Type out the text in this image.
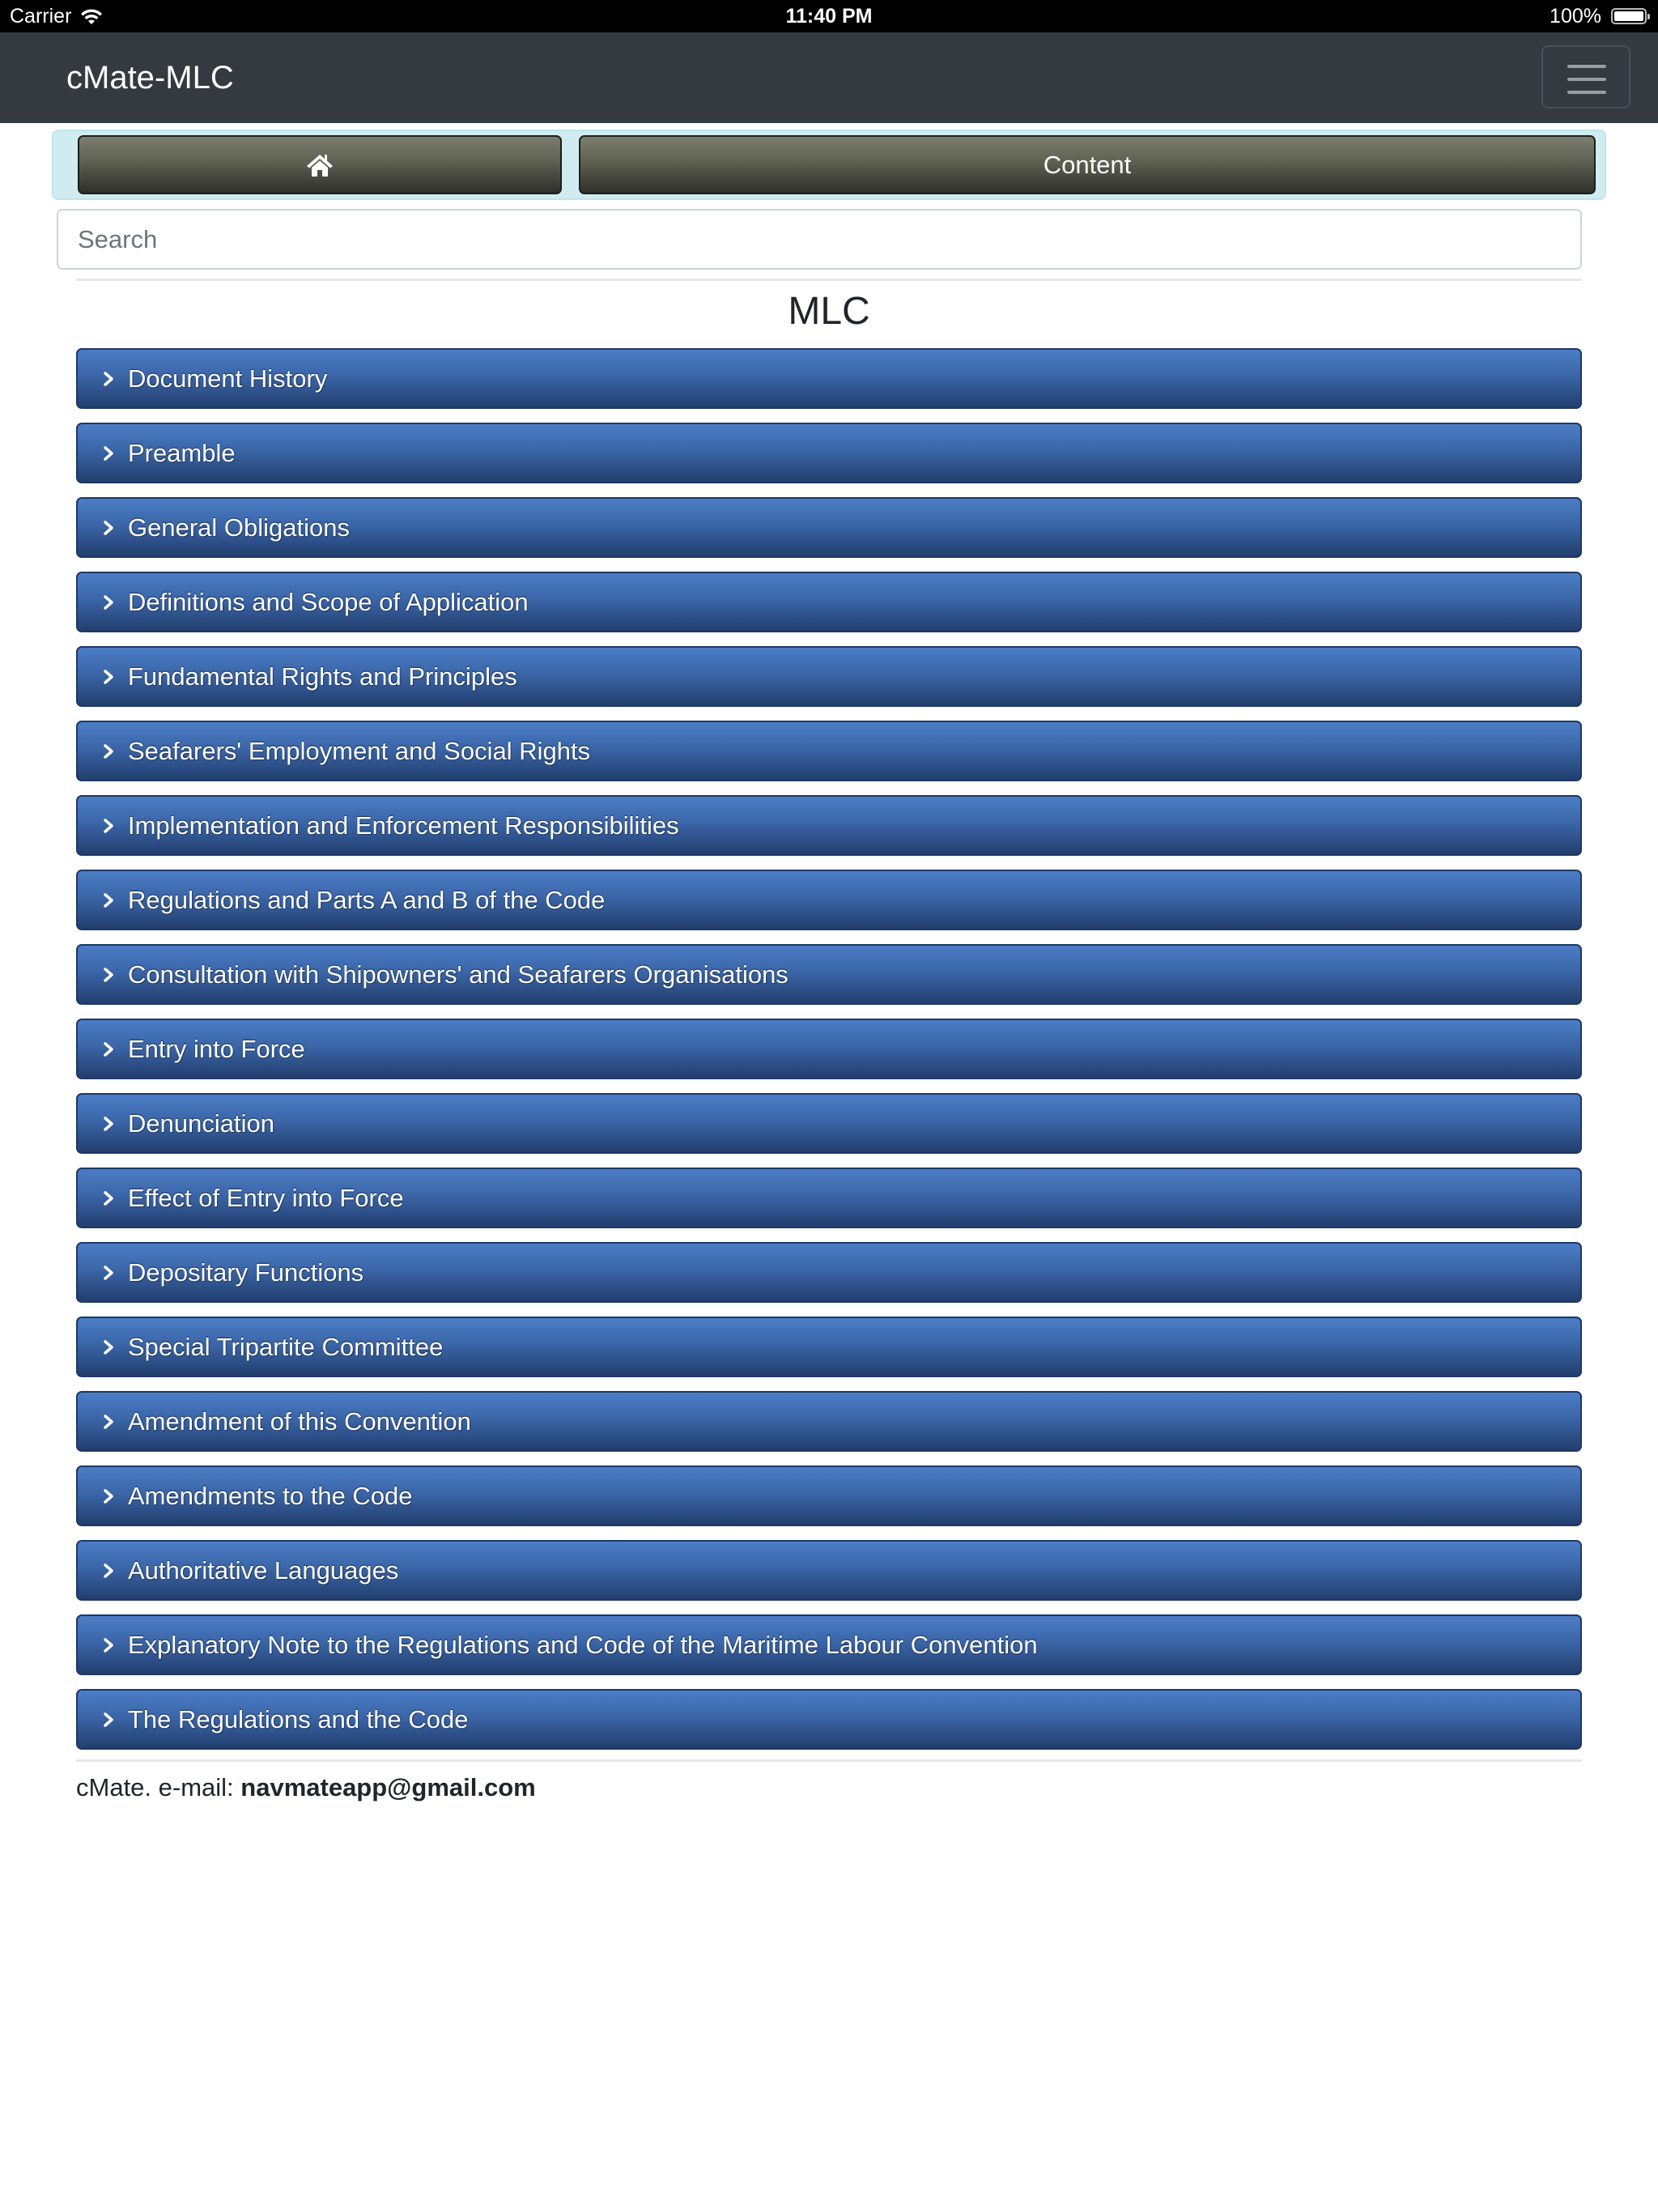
Carrier	11:40 PM	100%
cMate-MLC
Content
Search
MLC
Document History
Preamble
General Obligations
Definitions and Scope of Application
Fundamental Rights and Principles
Seafarers' Employment and Social Rights
Implementation and Enforcement Responsibilities
Regulations and Parts A and B of the Code
Consultation with Shipowners' and Seafarers Organisations
Entry into Force
Denunciation
Effect of Entry into Force
Depositary Functions
Special Tripartite Committee
Amendment of this Convention
Amendments to the Code
Authoritative Languages
Explanatory Note to the Regulations and Code of the Maritime Labour Convention
The Regulations and the Code
cMate. e-mail: navmateapp@gmail.com
